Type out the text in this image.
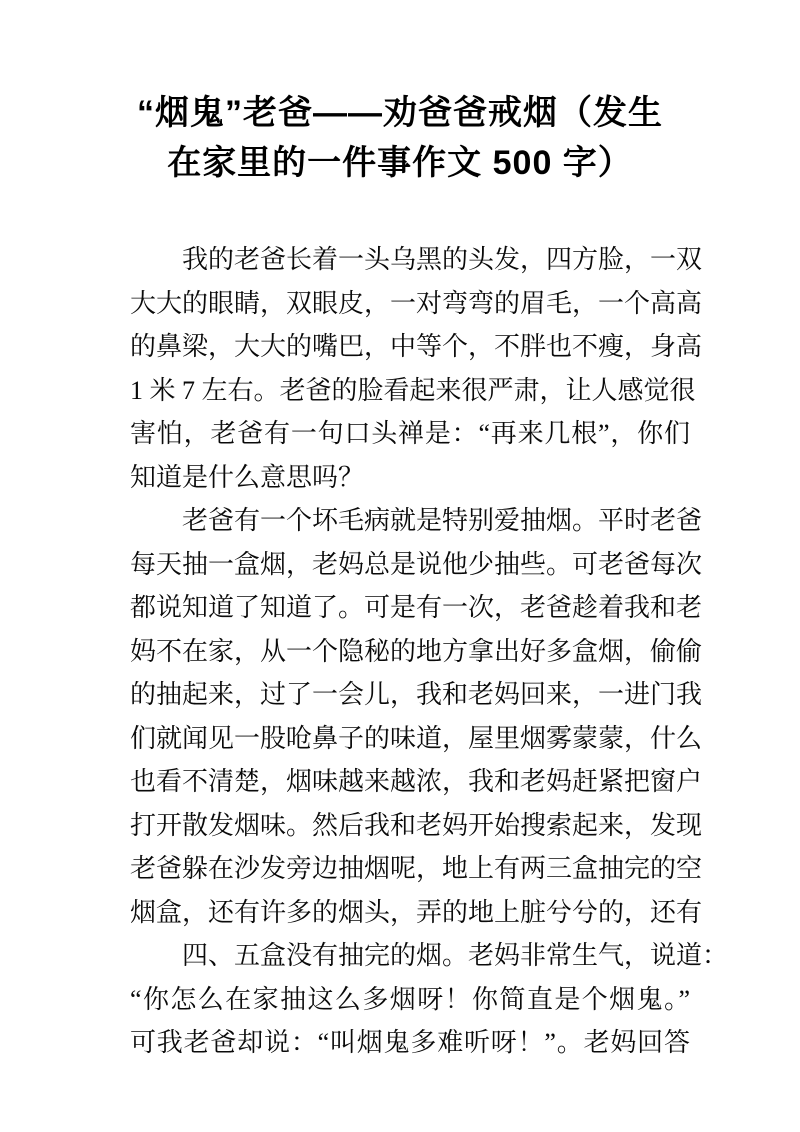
“烟鬼”老爸——劝爸爸戒烟（发生
在家里的一件事作文 500 字）
我的老爸长着一头乌黑的头发，四方脸，一双
大大的眼睛，双眼皮，一对弯弯的眉毛，一个高高
的鼻梁，大大的嘴巴，中等个，不胖也不瘦，身高
1 米 7 左右。老爸的脸看起来很严肃，让人感觉很
害怕，老爸有一句口头禅是：“再来几根”，你们
知道是什么意思吗？
老爸有一个坏毛病就是特别爱抽烟。平时老爸
每天抽一盒烟，老妈总是说他少抽些。可老爸每次
都说知道了知道了。可是有一次，老爸趁着我和老
妈不在家，从一个隐秘的地方拿出好多盒烟，偷偷
的抽起来，过了一会儿，我和老妈回来，一进门我
们就闻见一股呛鼻子的味道，屋里烟雾蒙蒙，什么
也看不清楚，烟味越来越浓，我和老妈赶紧把窗户
打开散发烟味。然后我和老妈开始搜索起来，发现
老爸躲在沙发旁边抽烟呢，地上有两三盒抽完的空
烟盒，还有许多的烟头，弄的地上脏兮兮的，还有
四、五盒没有抽完的烟。老妈非常生气，说道：
“你怎么在家抽这么多烟呀！你简直是个烟鬼。”
可我老爸却说：“叫烟鬼多难听呀！”。老妈回答
